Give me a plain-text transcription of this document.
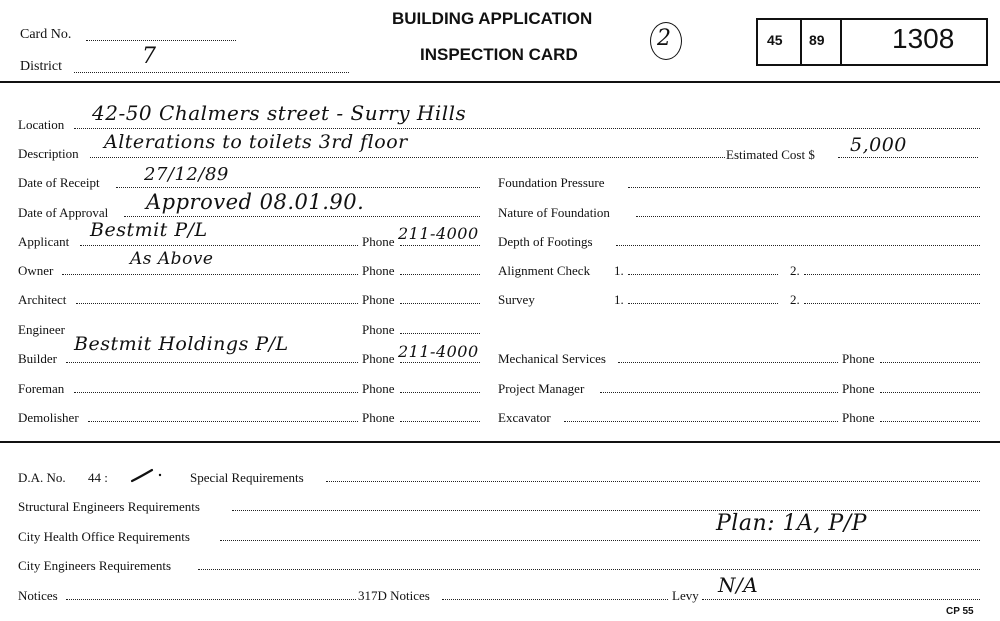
Card No.
District	7
BUILDING APPLICATION
INSPECTION CARD
2	45 89 1308
Location 42-50 Chalmers street - Surry Hills
Description
Alterations to toilets 3rd floor
Estimated Cost $ 5,000
Date of Receipt 27/12/89
Date of Approval Approved 08.01.90.
Applicant
Bestmit P/L
Phone 211-4000
Owner
As Above
Phone
Architect	Phone
Engineer	Phone
Builder
Bestmit Holdings P/L
Phone 211-4000
Foreman	Phone
Demolisher	Phone
Foundation Pressure
Nature of Foundation
Depth of Footings
Alignment Check 1.	2.
Survey	1.	2.
Mechanical Services	Phone
Project Manager	Phone
Excavator	Phone
D.A. No. 44 :	Special Requirements
Structural Engineers Requirements
City Health Office Requirements
Plan: 1A, P/P
City Engineers Requirements
Notices	317D Notices	Levy N/A
CP 55
